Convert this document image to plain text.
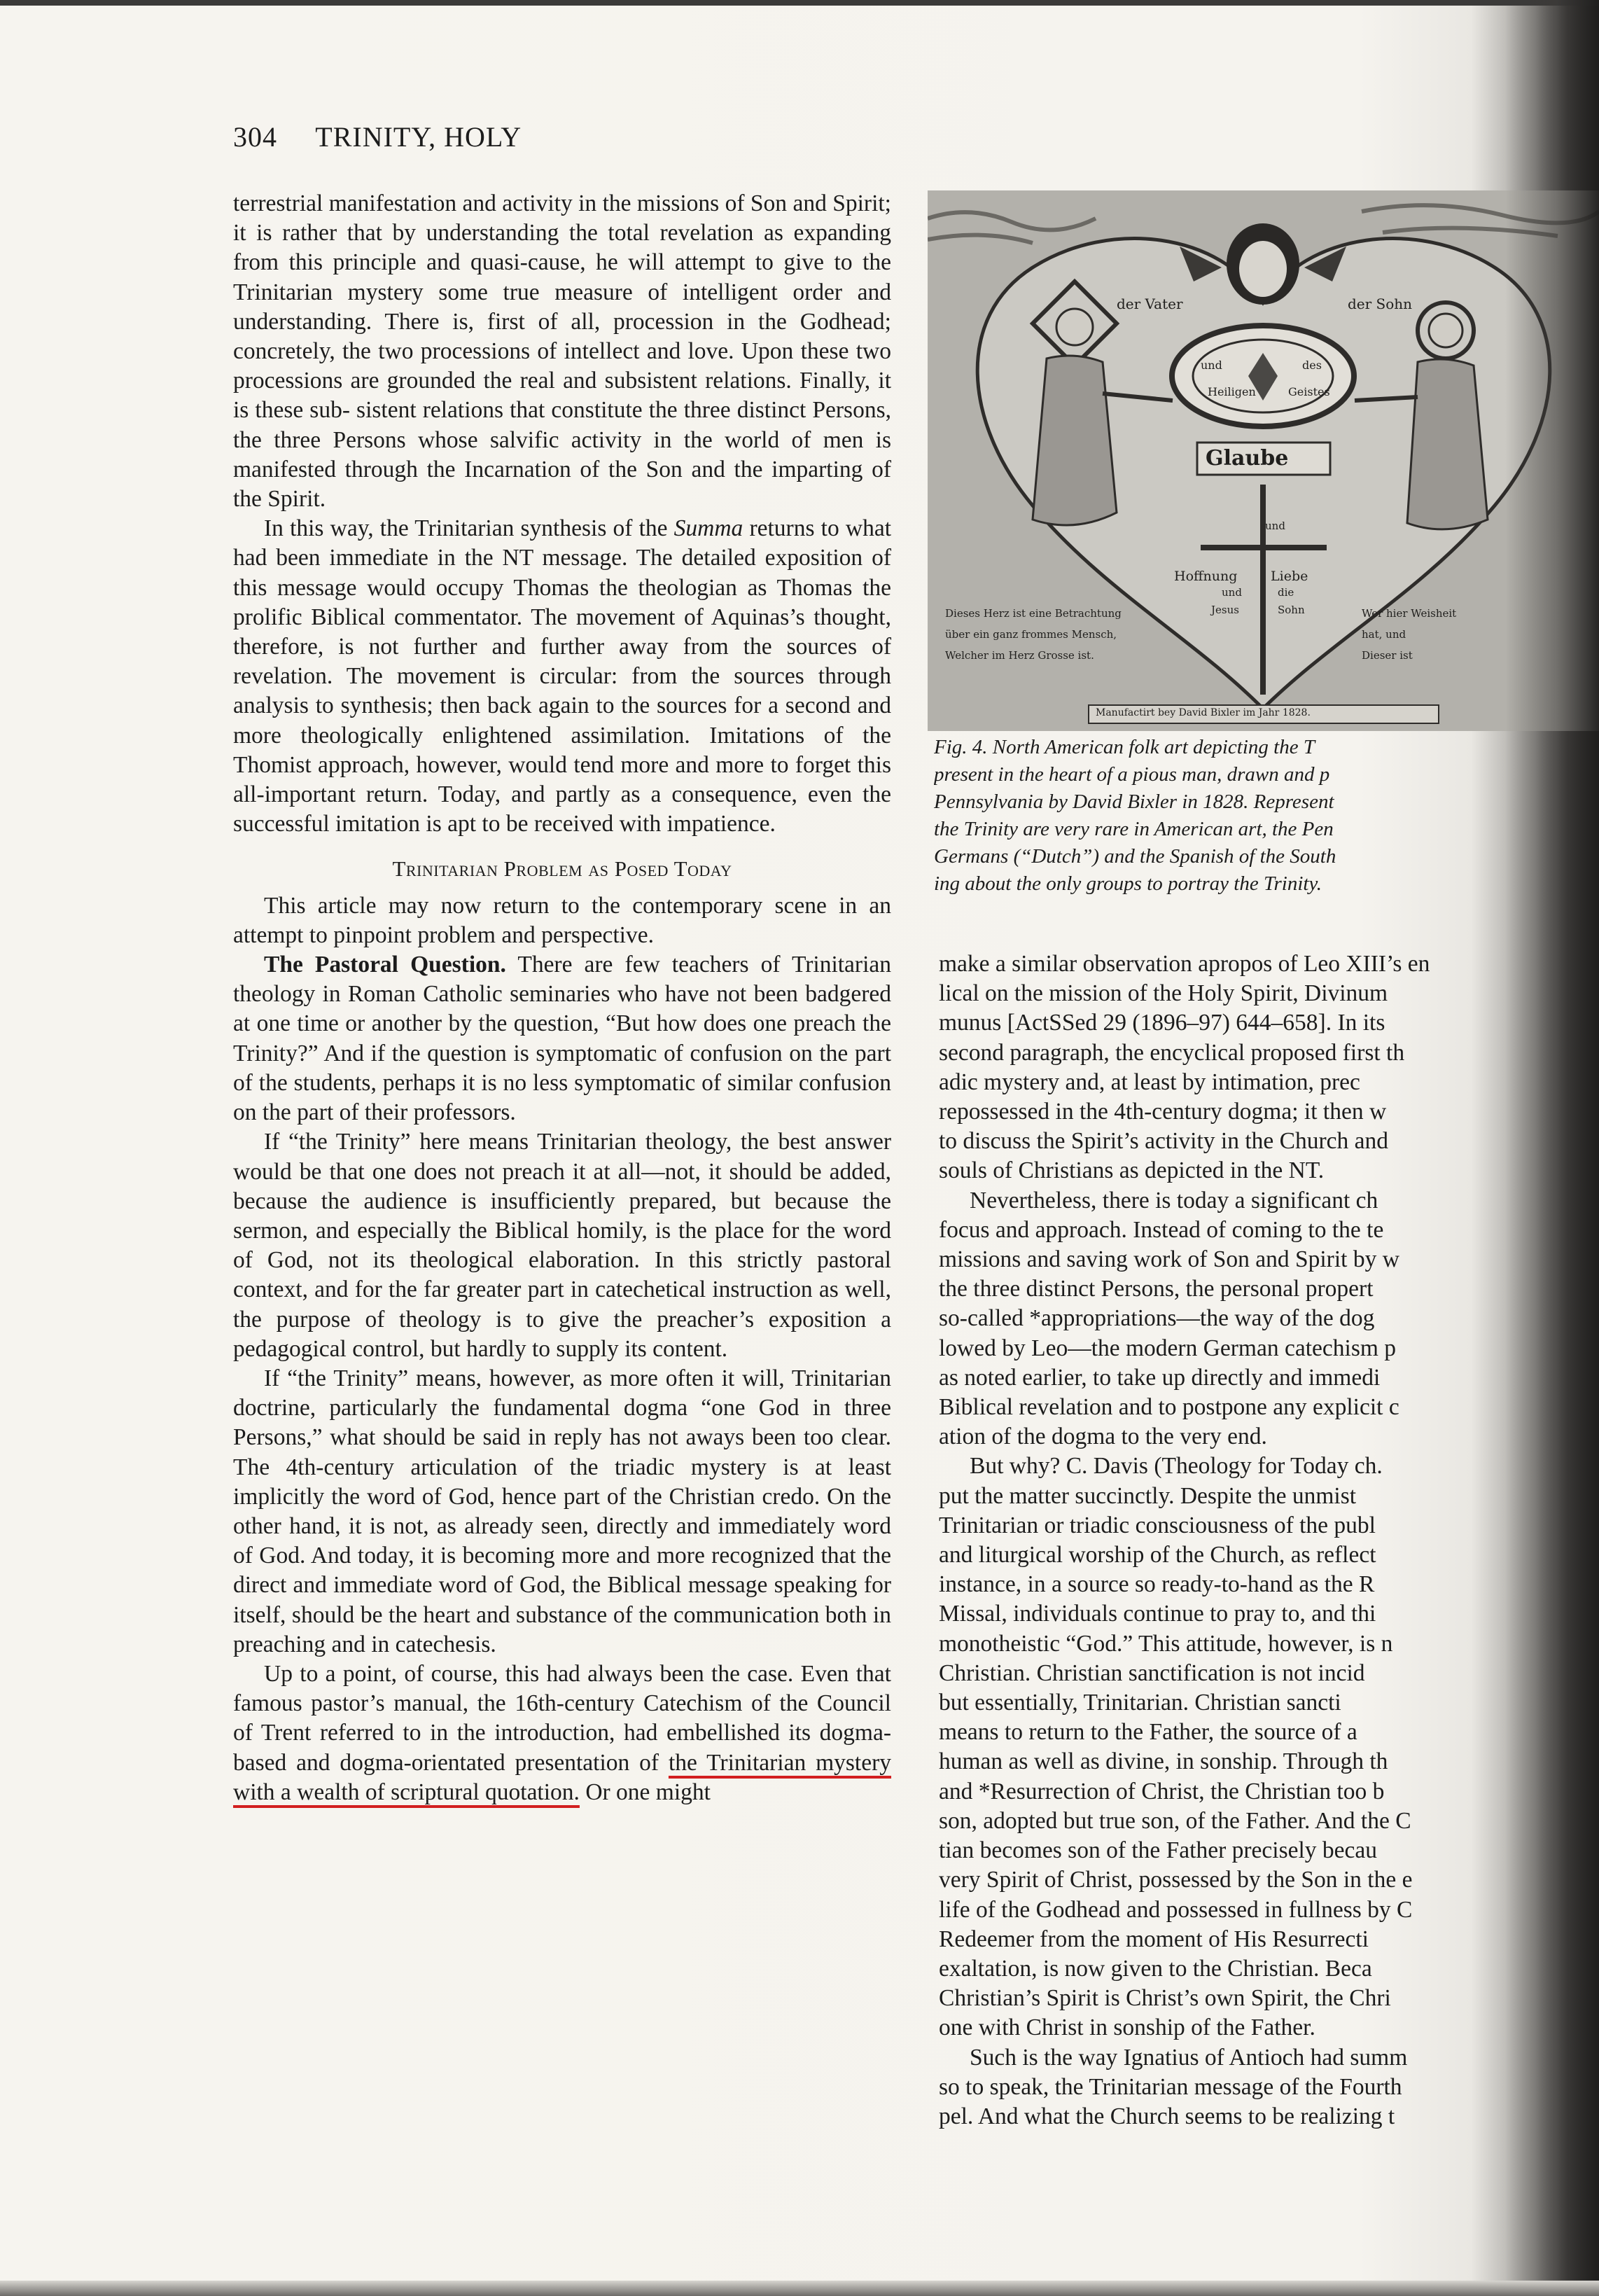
304 TRINITY, HOLY

terrestrial manifestation and activity in the missions of Son and Spirit; it is rather that by understanding the total revelation as expanding from this principle and quasi-cause, he will attempt to give to the Trinitarian mystery some true measure of intelligent order and understanding. There is, first of all, procession in the Godhead; concretely, the two processions of intellect and love. Upon these two processions are grounded the real and subsistent relations. Finally, it is these sub- sistent relations that constitute the three distinct Persons, the three Persons whose salvific activity in the world of men is manifested through the Incarnation of the Son and the imparting of the Spirit.

In this way, the Trinitarian synthesis of the Summa returns to what had been immediate in the NT message. The detailed exposition of this message would occupy Thomas the theologian as Thomas the prolific Biblical commentator. The movement of Aquinas’s thought, therefore, is not further and further away from the sources of revelation. The movement is circular: from the sources through analysis to synthesis; then back again to the sources for a second and more theologically enlightened assimilation. Imitations of the Thomist approach, however, would tend more and more to forget this all-important return. Today, and partly as a consequence, even the successful imitation is apt to be received with impatience.

Trinitarian Problem as Posed Today

This article may now return to the contemporary scene in an attempt to pinpoint problem and perspective.

The Pastoral Question. There are few teachers of Trinitarian theology in Roman Catholic seminaries who have not been badgered at one time or another by the question, “But how does one preach the Trinity?” And if the question is symptomatic of confusion on the part of the students, perhaps it is no less symptomatic of similar confusion on the part of their professors.

If “the Trinity” here means Trinitarian theology, the best answer would be that one does not preach it at all—not, it should be added, because the audience is insufficiently prepared, but because the sermon, and especially the Biblical homily, is the place for the word of God, not its theological elaboration. In this strictly pastoral context, and for the far greater part in catechetical instruction as well, the purpose of theology is to give the preacher’s exposition a pedagogical control, but hardly to supply its content.

If “the Trinity” means, however, as more often it will, Trinitarian doctrine, particularly the fundamental dogma “one God in three Persons,” what should be said in reply has not aways been too clear. The 4th-century articulation of the triadic mystery is at least implicitly the word of God, hence part of the Christian credo. On the other hand, it is not, as already seen, directly and immediately word of God. And today, it is becoming more and more recognized that the direct and immediate word of God, the Biblical message speaking for itself, should be the heart and substance of the communication both in preaching and in catechesis.

Up to a point, of course, this had always been the case. Even that famous pastor’s manual, the 16th-century Catechism of the Council of Trent referred to in the introduction, had embellished its dogma-based and dogma-orientated presentation of the Trinitarian mystery with a wealth of scriptural quotation. Or one might

der Vater	der Sohn
und	des
Heiligen	Geistes
Glaube
Hoffnung
und
Liebe
und	die
Jesus	Sohn
Dieses Herz ist eine Betrachtung
über ein ganz frommes Mensch,
Welcher im Herz Grosse ist.
Wer hier Weisheit
hat, und
Dieser ist
Manufactirt bey David Bixler im Jahr 1828.
Fig. 4. North American folk art depicting the T
present in the heart of a pious man, drawn and p
Pennsylvania by David Bixler in 1828. Represent
the Trinity are very rare in American art, the Pen
Germans (“Dutch”) and the Spanish of the South
ing about the only groups to portray the Trinity.

make a similar observation apropos of Leo XIII’s en

lical on the mission of the Holy Spirit, Divinum

munus [ActSSed 29 (1896–97) 644–658]. In its

second paragraph, the encyclical proposed first th

adic mystery and, at least by intimation, prec

repossessed in the 4th-century dogma; it then w

to discuss the Spirit’s activity in the Church and

souls of Christians as depicted in the NT.

Nevertheless, there is today a significant ch

focus and approach. Instead of coming to the te

missions and saving work of Son and Spirit by w

the three distinct Persons, the personal propert

so-called *appropriations—the way of the dog

lowed by Leo—the modern German catechism p

as noted earlier, to take up directly and immedi

Biblical revelation and to postpone any explicit c

ation of the dogma to the very end.

But why? C. Davis (Theology for Today ch.

put the matter succinctly. Despite the unmist

Trinitarian or triadic consciousness of the publ

and liturgical worship of the Church, as reflect

instance, in a source so ready-to-hand as the R

Missal, individuals continue to pray to, and thi

monotheistic “God.” This attitude, however, is n

Christian. Christian sanctification is not incid

but essentially, Trinitarian. Christian sancti

means to return to the Father, the source of a

human as well as divine, in sonship. Through th

and *Resurrection of Christ, the Christian too b

son, adopted but true son, of the Father. And the C

tian becomes son of the Father precisely becau

very Spirit of Christ, possessed by the Son in the e

life of the Godhead and possessed in fullness by C

Redeemer from the moment of His Resurrecti

exaltation, is now given to the Christian. Beca

Christian’s Spirit is Christ’s own Spirit, the Chri

one with Christ in sonship of the Father.

Such is the way Ignatius of Antioch had summ

so to speak, the Trinitarian message of the Fourth

pel. And what the Church seems to be realizing t
